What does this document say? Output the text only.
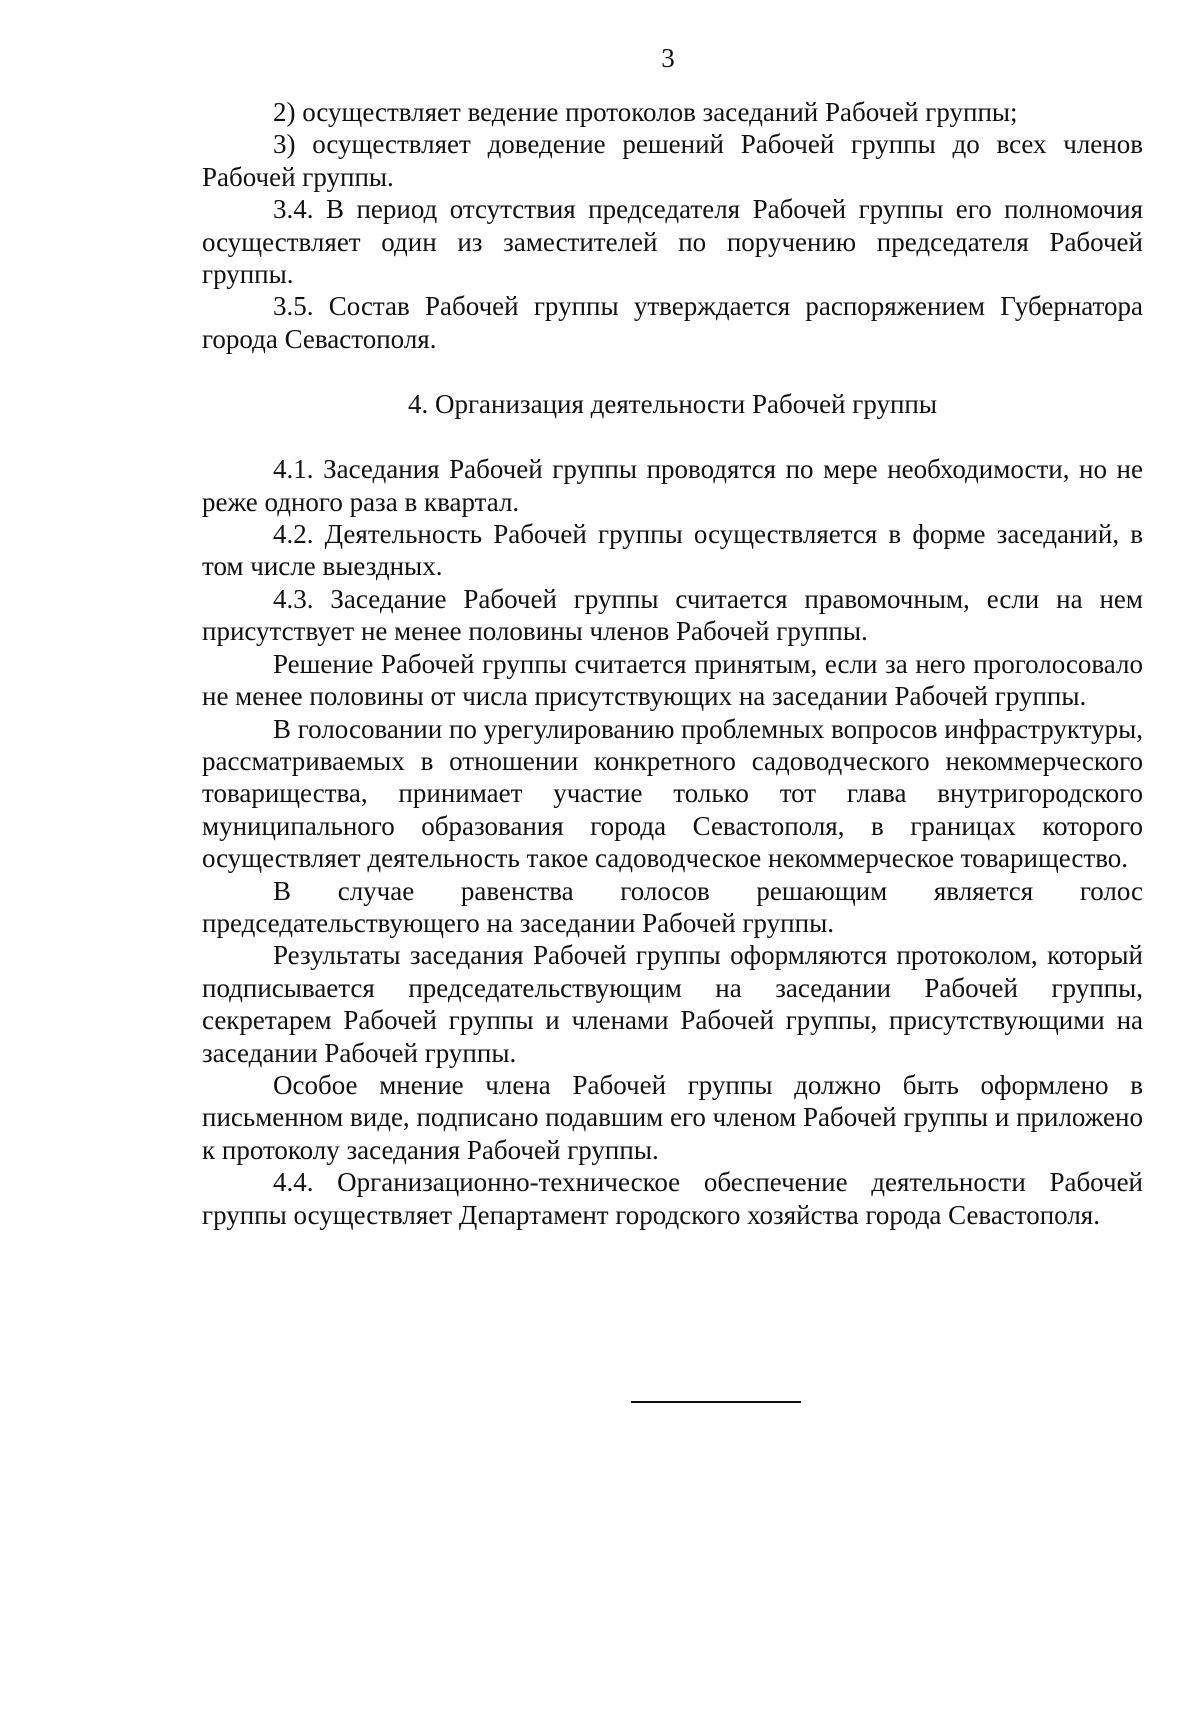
3

2) осуществляет ведение протоколов заседаний Рабочей группы;

3) осуществляет доведение решений Рабочей группы до всех членов Рабочей группы.

3.4. В период отсутствия председателя Рабочей группы его полномочия осуществляет один из заместителей по поручению председателя Рабочей группы.

3.5. Состав Рабочей группы утверждается распоряжением Губернатора города Севастополя.

4. Организация деятельности Рабочей группы

4.1. Заседания Рабочей группы проводятся по мере необходимости, но не реже одного раза в квартал.

4.2. Деятельность Рабочей группы осуществляется в форме заседаний, в том числе выездных.

4.3. Заседание Рабочей группы считается правомочным, если на нем присутствует не менее половины членов Рабочей группы.

Решение Рабочей группы считается принятым, если за него проголосовало не менее половины от числа присутствующих на заседании Рабочей группы.

В голосовании по урегулированию проблемных вопросов инфраструктуры, рассматриваемых в отношении конкретного садоводческого некоммерческого товарищества, принимает участие только тот глава внутригородского муниципального образования города Севастополя, в границах которого осуществляет деятельность такое садоводческое некоммерческое товарищество.

В случае равенства голосов решающим является голос председательствующего на заседании Рабочей группы.

Результаты заседания Рабочей группы оформляются протоколом, который подписывается председательствующим на заседании Рабочей группы, секретарем Рабочей группы и членами Рабочей группы, присутствующими на заседании Рабочей группы.

Особое мнение члена Рабочей группы должно быть оформлено в письменном виде, подписано подавшим его членом Рабочей группы и приложено к протоколу заседания Рабочей группы.

4.4. Организационно-техническое обеспечение деятельности Рабочей группы осуществляет Департамент городского хозяйства города Севастополя.
